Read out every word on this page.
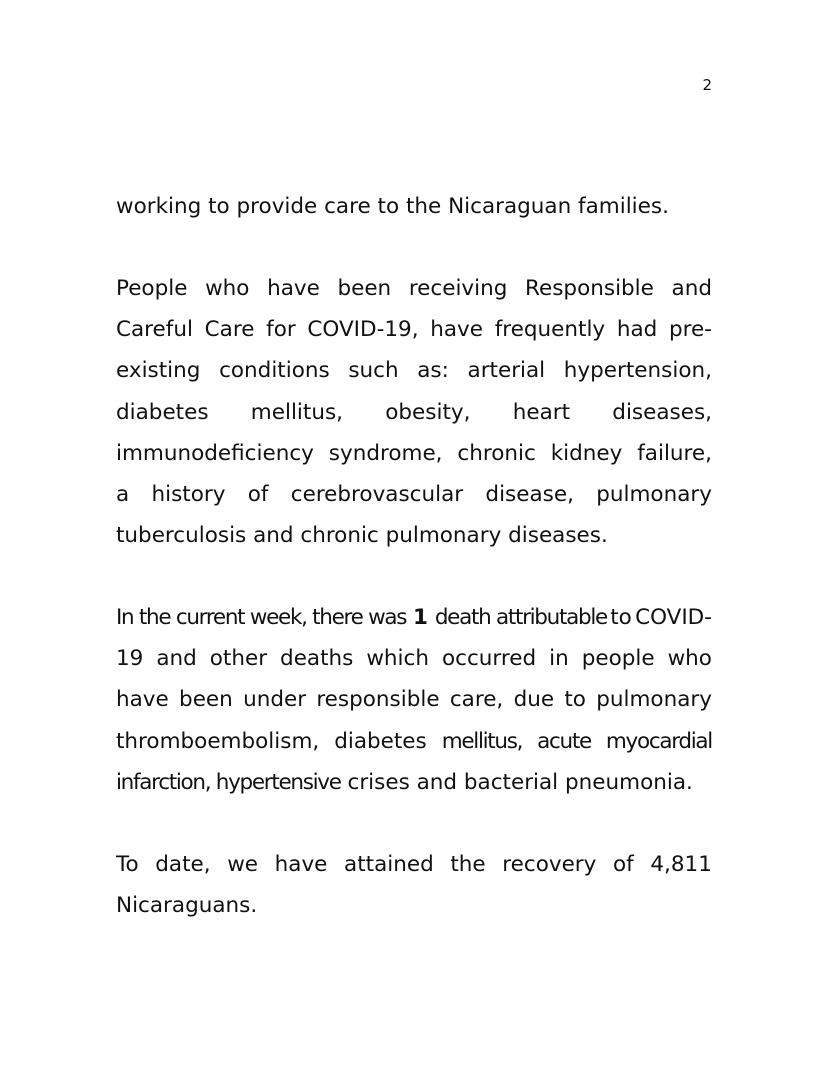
2
working to provide care to the Nicaraguan families.
People who have been receiving Responsible and
Careful Care for COVID-19, have frequently had pre-
existing conditions such as: arterial hypertension,
diabetes mellitus, obesity, heart diseases,
immunodeficiency syndrome, chronic kidney failure,
a history of cerebrovascular disease, pulmonary
tuberculosis and chronic pulmonary diseases.
In the current week, there was 1 death attributable to COVID-
19 and other deaths which occurred in people who
have been under responsible care, due to pulmonary
thromboembolism, diabetes mellitus, acute myocardial
infarction, hypertensive crises and bacterial pneumonia.
To date, we have attained the recovery of 4,811
Nicaraguans.
